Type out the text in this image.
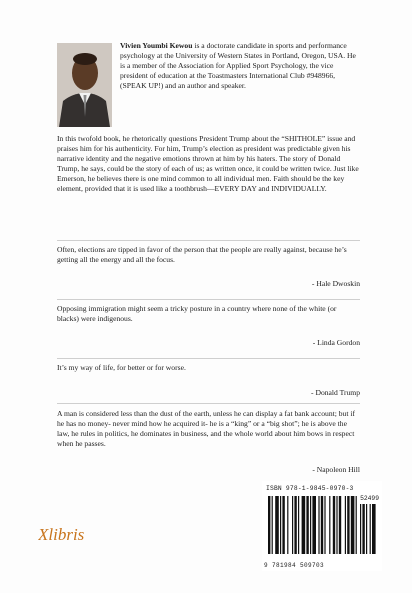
Vivien Youmbi Kewou is a doctorate candidate in sports and performance psychology at the University of Western States in Portland, Oregon, USA. He is a member of the Association for Applied Sport Psychology, the vice president of education at the Toastmasters International Club #948966, (SPEAK UP!) and an author and speaker.

In this twofold book, he rhetorically questions President Trump about the “SHITHOLE” issue and praises him for his authenticity. For him, Trump’s election as president was predictable given his narrative identity and the negative emotions thrown at him by his haters. The story of Donald Trump, he says, could be the story of each of us; as written once, it could be written twice. Just like Emerson, he believes there is one mind common to all individual men. Faith should be the key element, provided that it is used like a toothbrush—EVERY DAY and INDIVIDUALLY.

Often, elections are tipped in favor of the person that the people are really against, because he’s getting all the energy and all the focus.

- Hale Dwoskin

Opposing immigration might seem a tricky posture in a country where none of the white (or blacks) were indigenous.

- Linda Gordon

It’s my way of life, for better or for worse.

- Donald Trump

A man is considered less than the dust of the earth, unless he can display a fat bank account; but if he has no money- never mind how he acquired it- he is a “king” or a “big shot”; he is above the law, he rules in politics, he dominates in business, and the whole world about him bows in respect when he passes.

- Napoleon Hill

Xlibris
ISBN 978-1-9845-0970-3
52499
9 781984 509703
